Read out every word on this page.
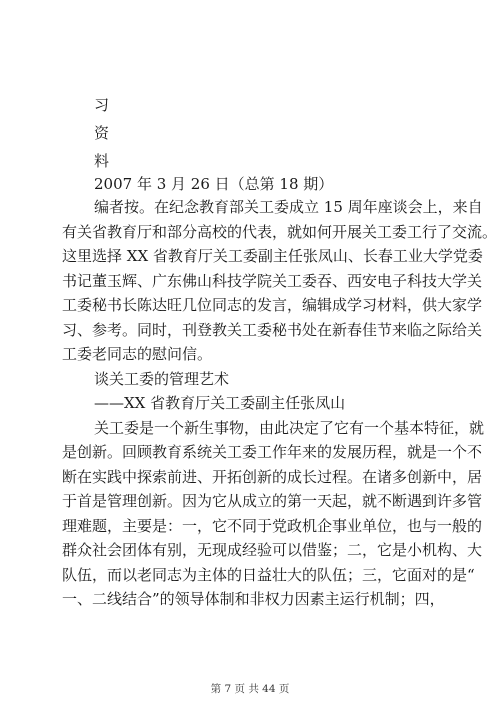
习
资
料
2007 年 3 月 26 日（总第 18 期）
编者按。在纪念教育部关工委成立 15 周年座谈会上，来自
有关省教育厅和部分高校的代表，就如何开展关工委工行了交流。
这里选择 XX 省教育厅关工委副主任张凤山、长春工业大学党委
书记董玉辉、广东佛山科技学院关工委吞、西安电子科技大学关
工委秘书长陈达旺几位同志的发言，编辑成学习材料，供大家学
习、参考。同时，刊登教关工委秘书处在新春佳节来临之际给关
工委老同志的慰问信。
谈关工委的管理艺术
——XX 省教育厅关工委副主任张凤山
关工委是一个新生事物，由此决定了它有一个基本特征，就
是创新。回顾教育系统关工委工作年来的发展历程，就是一个不
断在实践中探索前进、开拓创新的成长过程。在诸多创新中，居
于首是管理创新。因为它从成立的第一天起，就不断遇到许多管
理难题，主要是：一，它不同于党政机企事业单位，也与一般的
群众社会团体有别，无现成经验可以借鉴；二，它是小机构、大
队伍，而以老同志为主体的日益壮大的队伍；三，它面对的是“
一、二线结合”的领导体制和非权力因素主运行机制；四，
第 7 页 共 44 页
